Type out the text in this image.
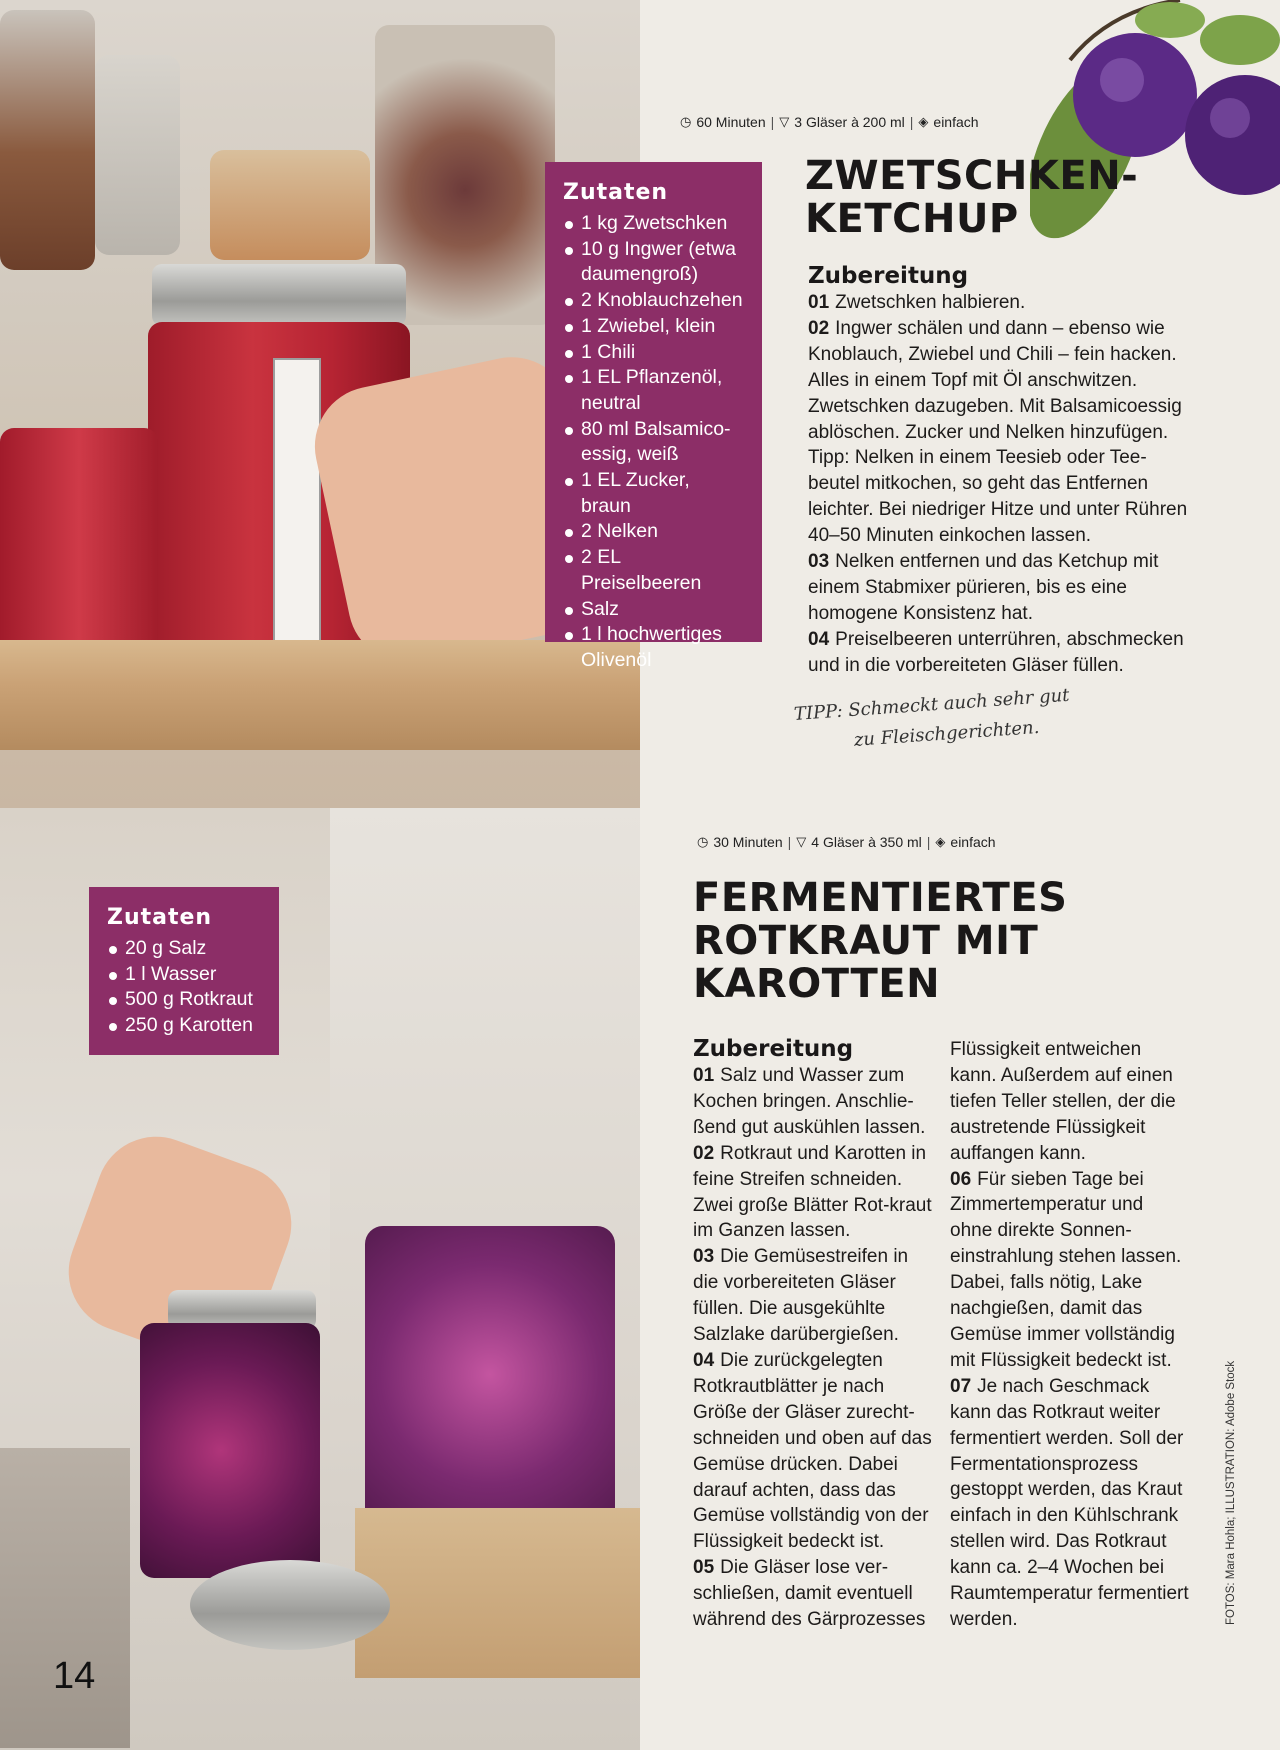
◷ 60 Minuten | ▽ 3 Gläser à 200 ml | ◈ einfach
ZWETSCHKEN-
KETCHUP
Zutaten
1 kg Zwetschken
10 g Ingwer (etwa daumengroß)
2 Knoblauchzehen
1 Zwiebel, klein
1 Chili
1 EL Pflanzenöl, neutral
80 ml Balsamico-essig, weiß
1 EL Zucker, braun
2 Nelken
2 EL Preiselbeeren
Salz
1 l hochwertiges Olivenöl
Zubereitung

01 Zwetschken halbieren.

02 Ingwer schälen und dann – ebenso wie Knoblauch, Zwiebel und Chili – fein hacken. Alles in einem Topf mit Öl anschwitzen. Zwetschken dazugeben. Mit Balsamicoessig ablöschen. Zucker und Nelken hinzufügen. Tipp: Nelken in einem Teesieb oder Tee-beutel mitkochen, so geht das Entfernen leichter. Bei niedriger Hitze und unter Rühren 40–50 Minuten einkochen lassen.

03 Nelken entfernen und das Ketchup mit einem Stabmixer pürieren, bis es eine homogene Konsistenz hat.

04 Preiselbeeren unterrühren, abschmecken und in die vorbereiteten Gläser füllen.

TIPP: Schmeckt auch sehr gut
zu Fleischgerichten.
◷ 30 Minuten | ▽ 4 Gläser à 350 ml | ◈ einfach
FERMENTIERTES
ROTKRAUT MIT
KAROTTEN
Zutaten
20 g Salz
1 l Wasser
500 g Rotkraut
250 g Karotten
Zubereitung

01 Salz und Wasser zum Kochen bringen. Anschlie-ßend gut auskühlen lassen.

02 Rotkraut und Karotten in feine Streifen schneiden. Zwei große Blätter Rot-kraut im Ganzen lassen.

03 Die Gemüsestreifen in die vorbereiteten Gläser füllen. Die ausgekühlte Salzlake darübergießen.

04 Die zurückgelegten Rotkrautblätter je nach Größe der Gläser zurecht-schneiden und oben auf das Gemüse drücken. Dabei darauf achten, dass das Gemüse vollständig von der Flüssigkeit bedeckt ist.

05 Die Gläser lose ver-schließen, damit eventuell während des Gärprozesses

Flüssigkeit entweichen kann. Außerdem auf einen tiefen Teller stellen, der die austretende Flüssigkeit auffangen kann.

06 Für sieben Tage bei Zimmertemperatur und ohne direkte Sonnen-einstrahlung stehen lassen. Dabei, falls nötig, Lake nachgießen, damit das Gemüse immer vollständig mit Flüssigkeit bedeckt ist.

07 Je nach Geschmack kann das Rotkraut weiter fermentiert werden. Soll der Fermentationsprozess gestoppt werden, das Kraut einfach in den Kühlschrank stellen wird. Das Rotkraut kann ca. 2–4 Wochen bei Raumtemperatur fermentiert werden.	FOTOS: Mara Hohla; ILLUSTRATION: Adobe Stock
14
